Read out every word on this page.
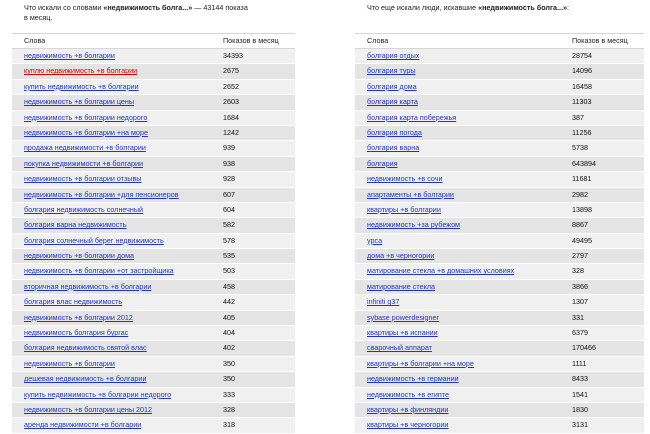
Что искали со словами «недвижимость болга...» — 43144 показа
в месяц.
Слова	Показов в месяц
недвижимость +в болгарии	34393
куплю недвижимость +в болгарии	2675
купить недвижимость +в болгарии	2652
недвижимость +в болгарии цены	2603
недвижимость +в болгарии недорого	1684
недвижимость +в болгарии +на море	1242
продажа недвижимости +в болгарии	939
покупка недвижимости +в болгарии	938
недвижимость +в болгарии отзывы	928
недвижимость +в болгарии +для пенсионеров	607
болгария недвижимость солнечный	604
болгария варна недвижимость	582
болгария солнечный берег недвижимость	578
недвижимость +в болгарии дома	535
недвижимость +в болгарии +от застройщика	503
вторичная недвижимость +в болгарии	458
болгария влас недвижимость	442
недвижимость +в болгарии 2012	405
недвижимость болгария бургас	404
болгария недвижимость святой влас	402
недвижимость +в болгарии	350
дешевая недвижимость +в болгарии	350
купить недвижимость +в болгарии недорого	333
недвижимость +в болгарии цены 2012	328
аренда недвижимости +в болгарии	318
Что еще искали люди, искавшие «недвижимость болга...»:
Слова	Показов в месяц
болгария отдых	28754
болгария туры	14096
болгария дома	16458
болгария карта	11303
болгария карта побережья	387
болгария погода	11256
болгария варна	5738
болгария	643894
недвижимость +в сочи	11681
апартаменты +в болгарии	2982
квартиры +в болгарии	13898
недвижимость +за рубежом	8867
урса	49495
дома +в черногории	2797
матирование стекла +в домашних условиях	328
матирование стекла	3866
infiniti g37	1307
sybase powerdesigner	331
квартиры +в испании	6379
сварочный аппарат	170466
квартиры +в болгарии +на море	1111
недвижимость +в германии	8433
недвижимость +в египте	1541
квартиры +в финляндии	1830
квартиры +в черногории	3131
